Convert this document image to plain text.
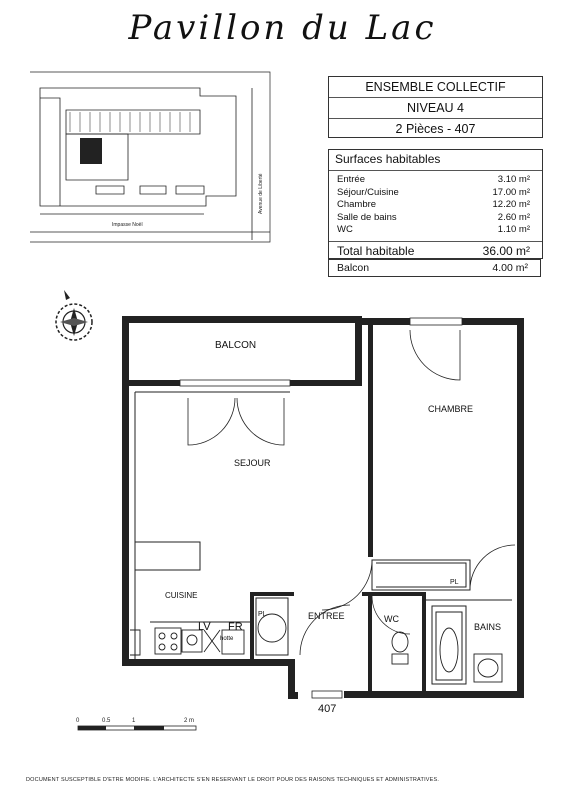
Pavillon du Lac
ENSEMBLE COLLECTIF
NIVEAU 4
2 Pièces - 407
Surfaces habitables
Entrée	3.10 m²
Séjour/Cuisine	17.00 m²
Chambre	12.20 m²
Salle de bains	2.60 m²
WC	1.10 m²
Total habitable	36.00 m²
Balcon	4.00 m²
Impasse Noël
Avenue de Liberté
BALCON
CHAMBRE
SEJOUR
CUISINE
ENTREE	WC
BAINS
PL
PL
LV FR
hotte
407
0	0.5	1	2 m
DOCUMENT SUSCEPTIBLE D'ETRE MODIFIE. L'ARCHITECTE S'EN RESERVANT LE DROIT POUR DES RAISONS TECHNIQUES ET ADMINISTRATIVES.
